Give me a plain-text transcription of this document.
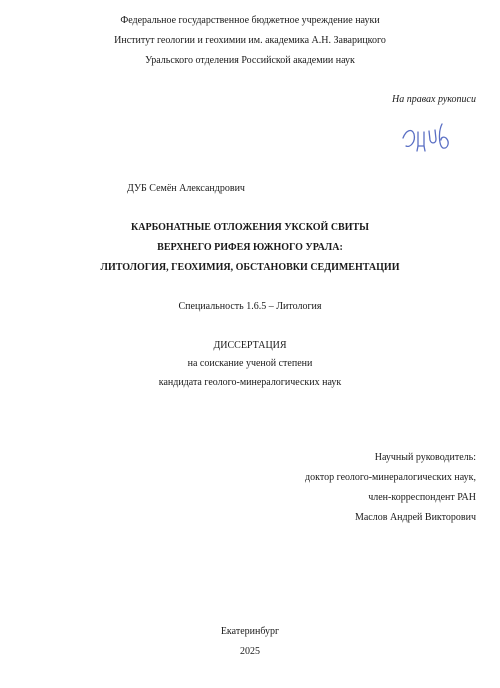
Федеральное государственное бюджетное учреждение науки
Институт геологии и геохимии им. академика А.Н. Заварицкого
Уральского отделения Российской академии наук
На правах рукописи
ДУБ Семён Александрович
КАРБОНАТНЫЕ ОТЛОЖЕНИЯ УКСКОЙ СВИТЫ
ВЕРХНЕГО РИФЕЯ ЮЖНОГО УРАЛА:
ЛИТОЛОГИЯ, ГЕОХИМИЯ, ОБСТАНОВКИ СЕДИМЕНТАЦИИ
Специальность 1.6.5 – Литология
ДИССЕРТАЦИЯ
на соискание ученой степени
кандидата геолого-минералогических наук
Научный руководитель:
доктор геолого-минералогических наук,
член-корреспондент РАН
Маслов Андрей Викторович
Екатеринбург
2025
